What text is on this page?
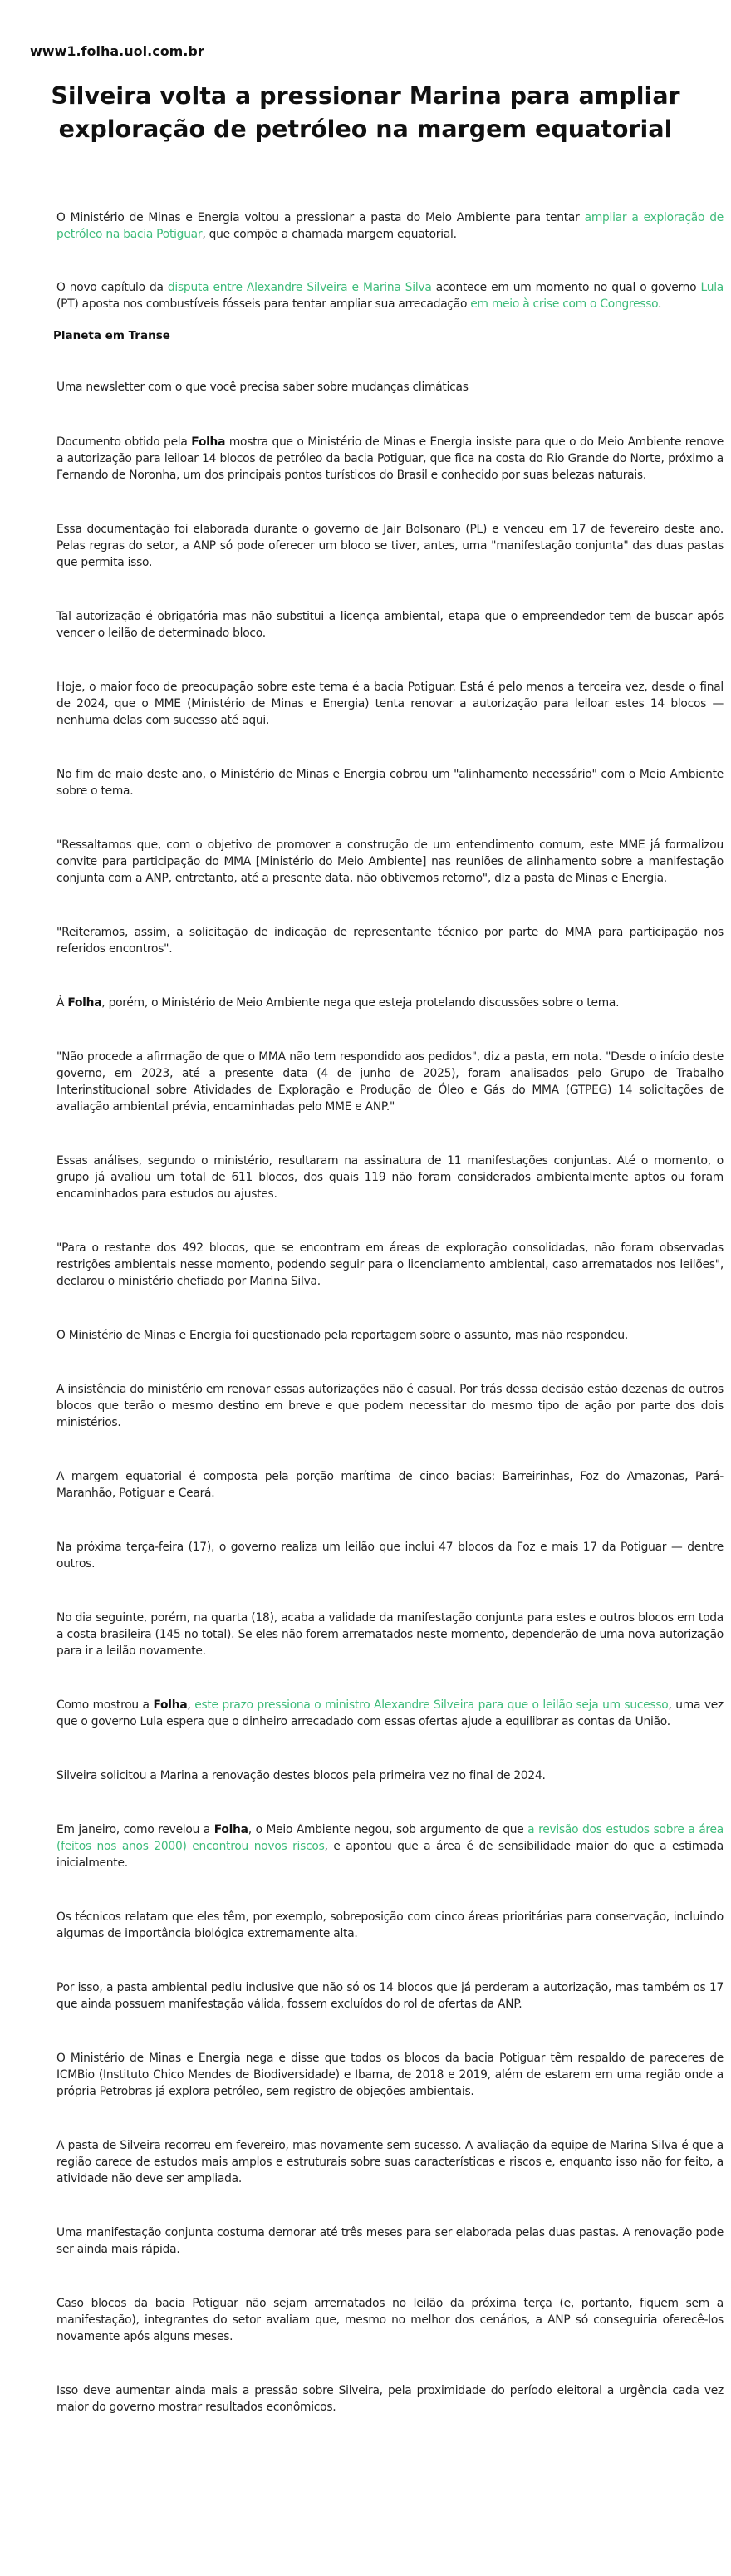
www1.folha.uol.com.br
Silveira volta a pressionar Marina para ampliar exploração de petróleo na margem equatorial

O Ministério de Minas e Energia voltou a pressionar a pasta do Meio Ambiente para tentar ampliar a exploração de petróleo na bacia Potiguar, que compõe a chamada margem equatorial.

O novo capítulo da disputa entre Alexandre Silveira e Marina Silva acontece em um momento no qual o governo Lula (PT) aposta nos combustíveis fósseis para tentar ampliar sua arrecadação em meio à crise com o Congresso.

Planeta em Transe

Uma newsletter com o que você precisa saber sobre mudanças climáticas

Documento obtido pela Folha mostra que o Ministério de Minas e Energia insiste para que o do Meio Ambiente renove a autorização para leiloar 14 blocos de petróleo da bacia Potiguar, que fica na costa do Rio Grande do Norte, próximo a Fernando de Noronha, um dos principais pontos turísticos do Brasil e conhecido por suas belezas naturais.

Essa documentação foi elaborada durante o governo de Jair Bolsonaro (PL) e venceu em 17 de fevereiro deste ano. Pelas regras do setor, a ANP só pode oferecer um bloco se tiver, antes, uma "manifestação conjunta" das duas pastas que permita isso.

Tal autorização é obrigatória mas não substitui a licença ambiental, etapa que o empreendedor tem de buscar após vencer o leilão de determinado bloco.

Hoje, o maior foco de preocupação sobre este tema é a bacia Potiguar. Está é pelo menos a terceira vez, desde o final de 2024, que o MME (Ministério de Minas e Energia) tenta renovar a autorização para leiloar estes 14 blocos —nenhuma delas com sucesso até aqui.

No fim de maio deste ano, o Ministério de Minas e Energia cobrou um "alinhamento necessário" com o Meio Ambiente sobre o tema.

"Ressaltamos que, com o objetivo de promover a construção de um entendimento comum, este MME já formalizou convite para participação do MMA [Ministério do Meio Ambiente] nas reuniões de alinhamento sobre a manifestação conjunta com a ANP, entretanto, até a presente data, não obtivemos retorno", diz a pasta de Minas e Energia.

"Reiteramos, assim, a solicitação de indicação de representante técnico por parte do MMA para participação nos referidos encontros".

À Folha, porém, o Ministério de Meio Ambiente nega que esteja protelando discussões sobre o tema.

"Não procede a afirmação de que o MMA não tem respondido aos pedidos", diz a pasta, em nota. "Desde o início deste governo, em 2023, até a presente data (4 de junho de 2025), foram analisados pelo Grupo de Trabalho Interinstitucional sobre Atividades de Exploração e Produção de Óleo e Gás do MMA (GTPEG) 14 solicitações de avaliação ambiental prévia, encaminhadas pelo MME e ANP."

Essas análises, segundo o ministério, resultaram na assinatura de 11 manifestações conjuntas. Até o momento, o grupo já avaliou um total de 611 blocos, dos quais 119 não foram considerados ambientalmente aptos ou foram encaminhados para estudos ou ajustes.

"Para o restante dos 492 blocos, que se encontram em áreas de exploração consolidadas, não foram observadas restrições ambientais nesse momento, podendo seguir para o licenciamento ambiental, caso arrematados nos leilões", declarou o ministério chefiado por Marina Silva.

O Ministério de Minas e Energia foi questionado pela reportagem sobre o assunto, mas não respondeu.

A insistência do ministério em renovar essas autorizações não é casual. Por trás dessa decisão estão dezenas de outros blocos que terão o mesmo destino em breve e que podem necessitar do mesmo tipo de ação por parte dos dois ministérios.

A margem equatorial é composta pela porção marítima de cinco bacias: Barreirinhas, Foz do Amazonas, Pará-Maranhão, Potiguar e Ceará.

Na próxima terça-feira (17), o governo realiza um leilão que inclui 47 blocos da Foz e mais 17 da Potiguar — dentre outros.

No dia seguinte, porém, na quarta (18), acaba a validade da manifestação conjunta para estes e outros blocos em toda a costa brasileira (145 no total). Se eles não forem arrematados neste momento, dependerão de uma nova autorização para ir a leilão novamente.

Como mostrou a Folha, este prazo pressiona o ministro Alexandre Silveira para que o leilão seja um sucesso, uma vez que o governo Lula espera que o dinheiro arrecadado com essas ofertas ajude a equilibrar as contas da União.

Silveira solicitou a Marina a renovação destes blocos pela primeira vez no final de 2024.

Em janeiro, como revelou a Folha, o Meio Ambiente negou, sob argumento de que a revisão dos estudos sobre a área (feitos nos anos 2000) encontrou novos riscos, e apontou que a área é de sensibilidade maior do que a estimada inicialmente.

Os técnicos relatam que eles têm, por exemplo, sobreposição com cinco áreas prioritárias para conservação, incluindo algumas de importância biológica extremamente alta.

Por isso, a pasta ambiental pediu inclusive que não só os 14 blocos que já perderam a autorização, mas também os 17 que ainda possuem manifestação válida, fossem excluídos do rol de ofertas da ANP.

O Ministério de Minas e Energia nega e disse que todos os blocos da bacia Potiguar têm respaldo de pareceres de ICMBio (Instituto Chico Mendes de Biodiversidade) e Ibama, de 2018 e 2019, além de estarem em uma região onde a própria Petrobras já explora petróleo, sem registro de objeções ambientais.

A pasta de Silveira recorreu em fevereiro, mas novamente sem sucesso. A avaliação da equipe de Marina Silva é que a região carece de estudos mais amplos e estruturais sobre suas características e riscos e, enquanto isso não for feito, a atividade não deve ser ampliada.

Uma manifestação conjunta costuma demorar até três meses para ser elaborada pelas duas pastas. A renovação pode ser ainda mais rápida.

Caso blocos da bacia Potiguar não sejam arrematados no leilão da próxima terça (e, portanto, fiquem sem a manifestação), integrantes do setor avaliam que, mesmo no melhor dos cenários, a ANP só conseguiria oferecê-los novamente após alguns meses.

Isso deve aumentar ainda mais a pressão sobre Silveira, pela proximidade do período eleitoral a urgência cada vez maior do governo mostrar resultados econômicos.
